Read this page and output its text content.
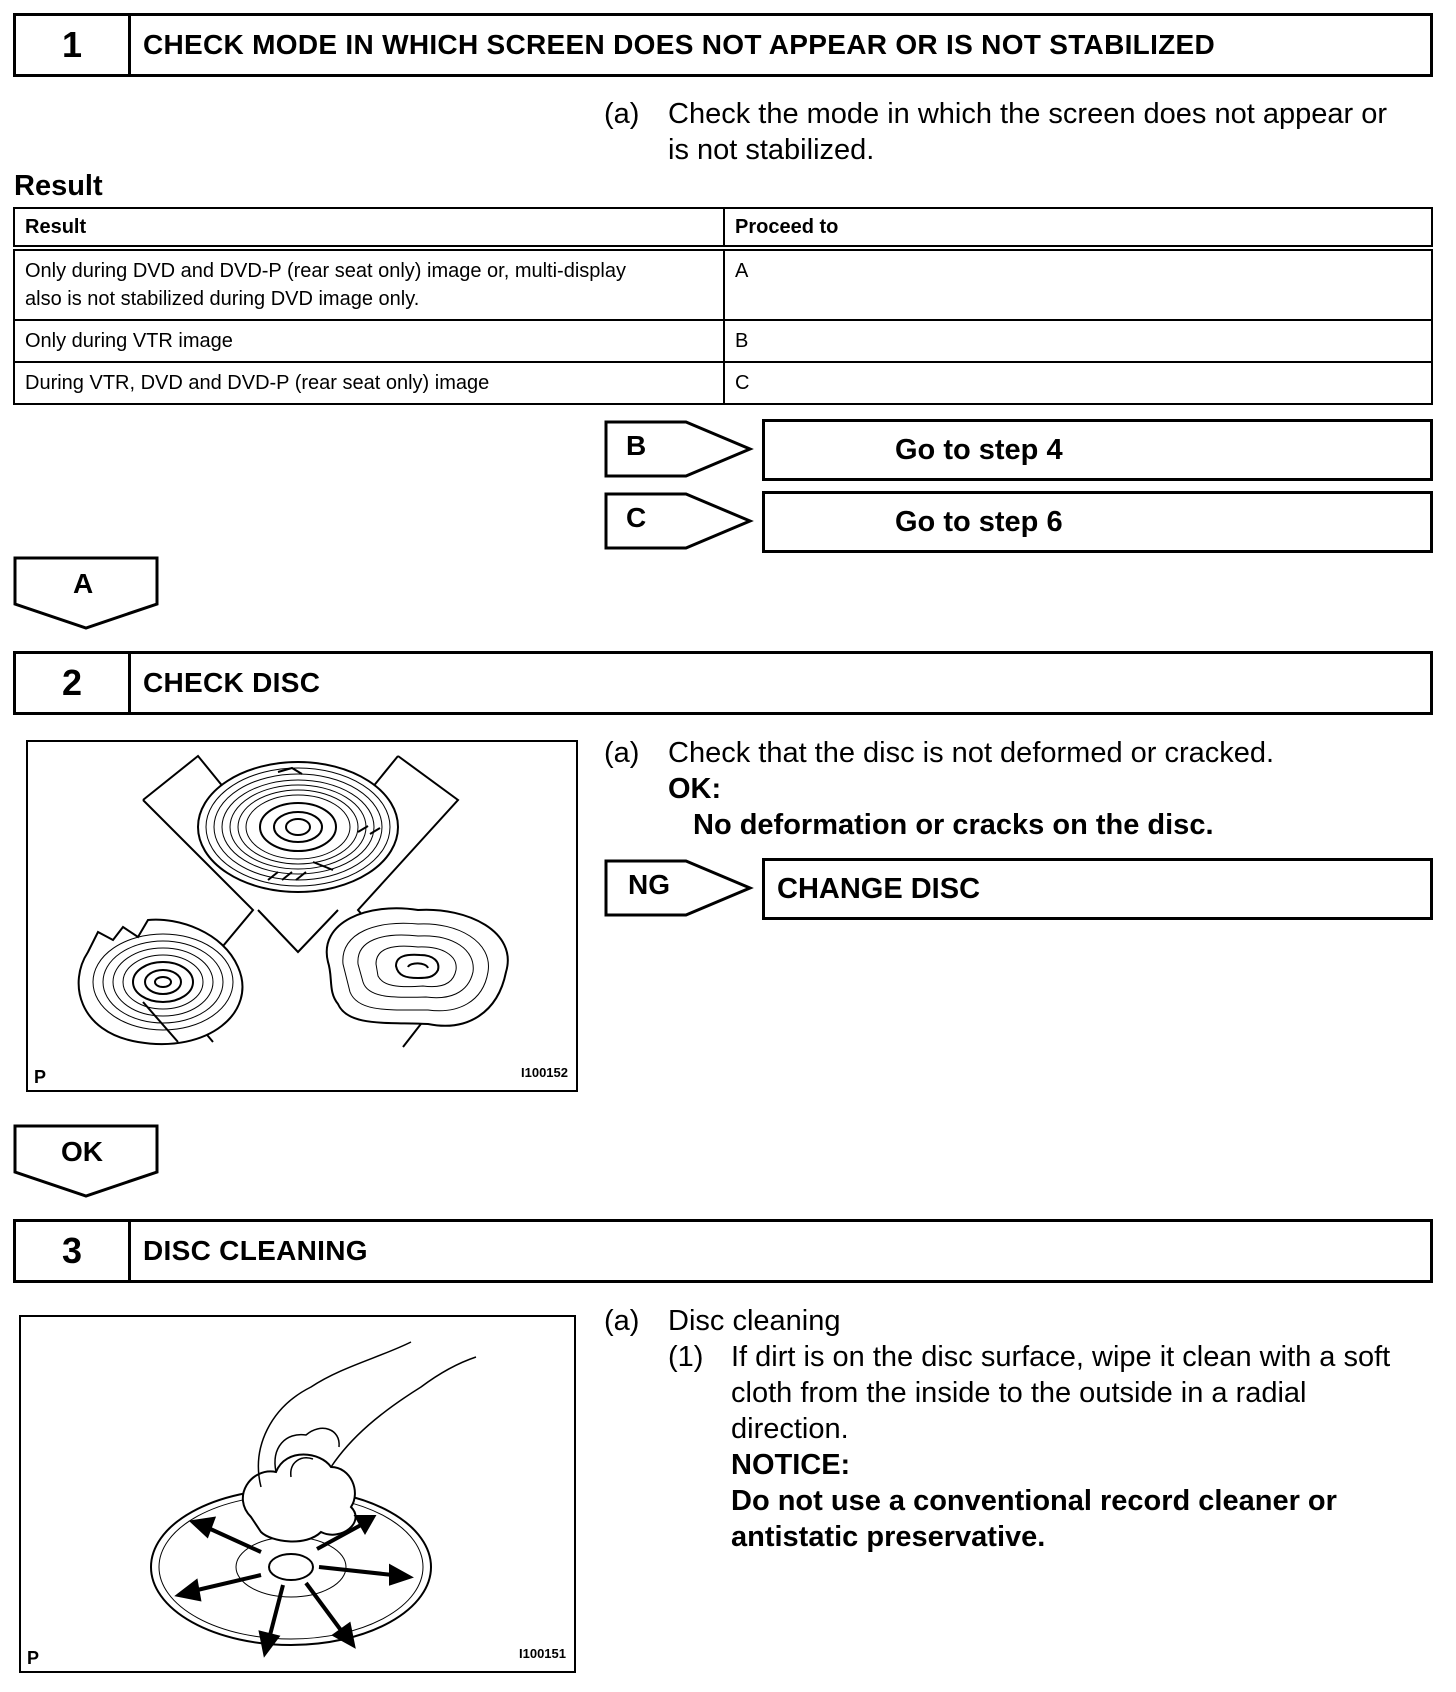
1	CHECK MODE IN WHICH SCREEN DOES NOT APPEAR OR IS NOT STABILIZED
(a) Check the mode in which the screen does not appear or
is not stabilized.
Result
Result	Proceed to

Only during DVD and DVD-P (rear seat only) image or, multi-display
also is not stabilized during DVD image only.	A
Only during VTR image	B
During VTR, DVD and DVD-P (rear seat only) image	C
B	Go to step 4
C	Go to step 6
A
2	CHECK DISC
P	I100152
(a) Check that the disc is not deformed or cracked.
OK:
No deformation or cracks on the disc.
NG	CHANGE DISC
OK
3	DISC CLEANING
P	I100151
(a) Disc cleaning
(1) If dirt is on the disc surface, wipe it clean with a soft
cloth from the inside to the outside in a radial
direction.
NOTICE:
Do not use a conventional record cleaner or
antistatic preservative.
